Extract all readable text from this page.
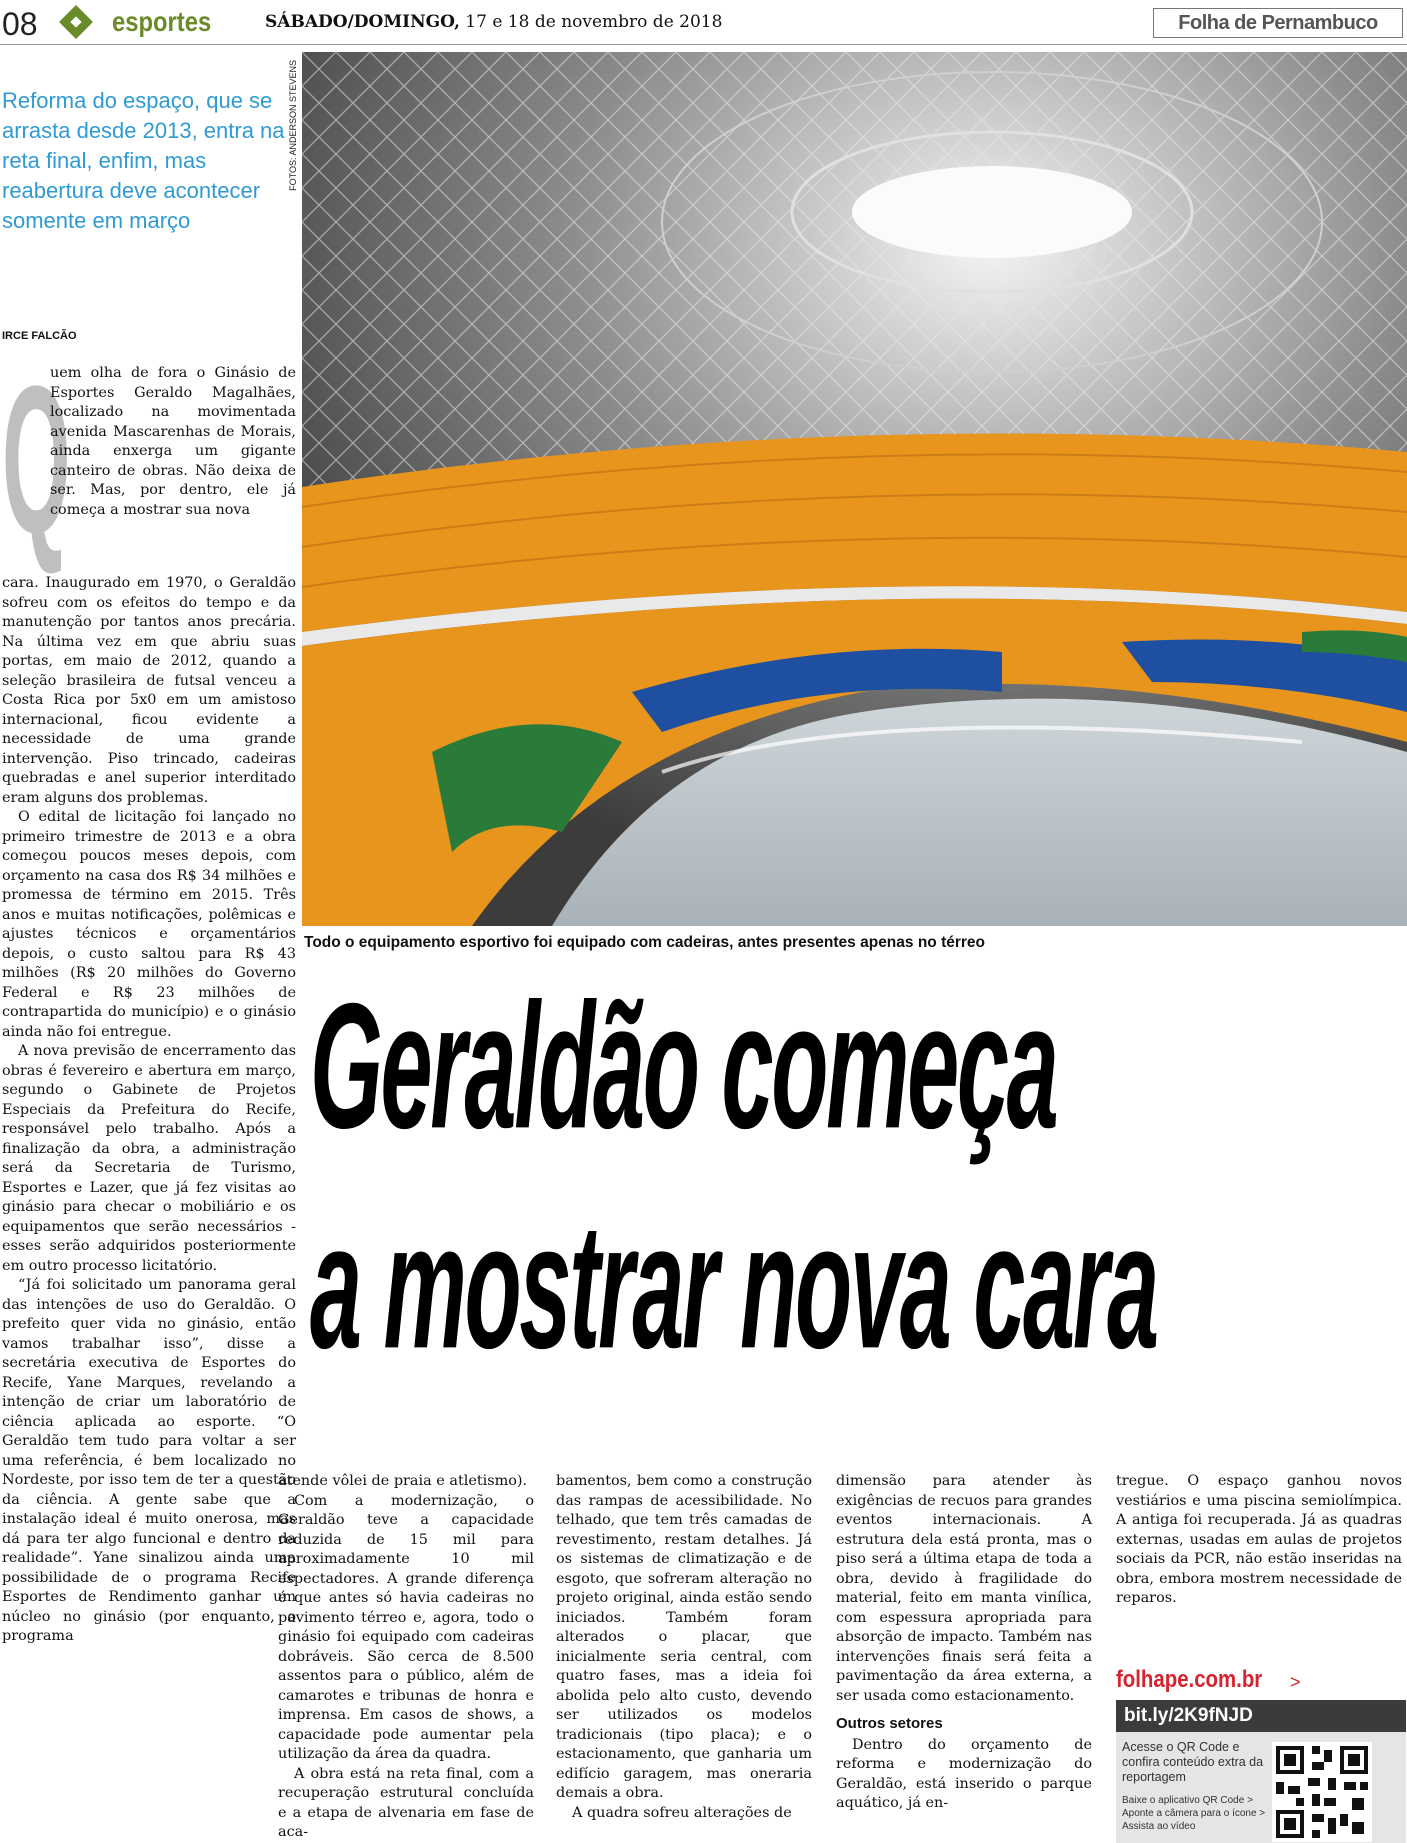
08	esportes	SÁBADO/DOMINGO, 17 e 18 de novembro de 2018	Folha de Pernambuco
Reforma do espaço, que se arrasta desde 2013, entra na reta final, enfim, mas reabertura deve acontecer somente em março
IRCE FALCÃO
Q

uem olha de fora o Ginásio de Esportes Geraldo Magalhães, localizado na movimentada avenida Mascarenhas de Morais, ainda enxerga um gigante canteiro de obras. Não deixa de ser. Mas, por dentro, ele já começa a mostrar sua nova

cara. Inaugurado em 1970, o Geraldão sofreu com os efeitos do tempo e da manutenção por tantos anos precária. Na última vez em que abriu suas portas, em maio de 2012, quando a seleção brasileira de futsal venceu a Costa Rica por 5x0 em um amistoso internacional, ficou evidente a necessidade de uma grande intervenção. Piso trincado, cadeiras quebradas e anel superior interditado eram alguns dos problemas.

O edital de licitação foi lançado no primeiro trimestre de 2013 e a obra começou poucos meses depois, com orçamento na casa dos R$ 34 milhões e promessa de término em 2015. Três anos e muitas notificações, polêmicas e ajustes técnicos e orçamentários depois, o custo saltou para R$ 43 milhões (R$ 20 milhões do Governo Federal e R$ 23 milhões de contrapartida do município) e o ginásio ainda não foi entregue.

A nova previsão de encerramento das obras é fevereiro e abertura em março, segundo o Gabinete de Projetos Especiais da Prefeitura do Recife, responsável pelo trabalho. Após a finalização da obra, a administração será da Secretaria de Turismo, Esportes e Lazer, que já fez visitas ao ginásio para checar o mobiliário e os equipamentos que serão necessários - esses serão adquiridos posteriormente em outro processo licitatório.

“Já foi solicitado um panorama geral das intenções de uso do Geraldão. O prefeito quer vida no ginásio, então vamos trabalhar isso”, disse a secretária executiva de Esportes do Recife, Yane Marques, revelando a intenção de criar um laboratório de ciência aplicada ao esporte. “O Geraldão tem tudo para voltar a ser uma referência, é bem localizado no Nordeste, por isso tem de ter a questão da ciência. A gente sabe que a instalação ideal é muito onerosa, mas dá para ter algo funcional e dentro da realidade”. Yane sinalizou ainda uma possibilidade de o programa Recife Esportes de Rendimento ganhar um núcleo no ginásio (por enquanto, o programa

FOTOS: ANDERSON STEVENS
Todo o equipamento esportivo foi equipado com cadeiras, antes presentes apenas no térreo
Geraldão começa
a mostrar nova cara

atende vôlei de praia e atletismo).

Com a modernização, o Geraldão teve a capacidade reduzida de 15 mil para aproximadamente 10 mil espectadores. A grande diferença é que antes só havia cadeiras no pavimento térreo e, agora, todo o ginásio foi equipado com cadeiras dobráveis. São cerca de 8.500 assentos para o público, além de camarotes e tribunas de honra e imprensa. Em casos de shows, a capacidade pode aumentar pela utilização da área da quadra.

A obra está na reta final, com a recuperação estrutural concluída e a etapa de alvenaria em fase de aca-

bamentos, bem como a construção das rampas de acessibilidade. No telhado, que tem três camadas de revestimento, restam detalhes. Já os sistemas de climatização e de esgoto, que sofreram alteração no projeto original, ainda estão sendo iniciados. Também foram alterados o placar, que inicialmente seria central, com quatro fases, mas a ideia foi abolida pelo alto custo, devendo ser utilizados os modelos tradicionais (tipo placa); e o estacionamento, que ganharia um edifício garagem, mas oneraria demais a obra.

A quadra sofreu alterações de

dimensão para atender às exigências de recuos para grandes eventos internacionais. A estrutura dela está pronta, mas o piso será a última etapa de toda a obra, devido à fragilidade do material, feito em manta vinílica, com espessura apropriada para absorção de impacto. Também nas intervenções finais será feita a pavimentação da área externa, a ser usada como estacionamento.

Outros setores

Dentro do orçamento de reforma e modernização do Geraldão, está inserido o parque aquático, já en-

tregue. O espaço ganhou novos vestiários e uma piscina semiolímpica. A antiga foi recuperada. Já as quadras externas, usadas em aulas de projetos sociais da PCR, não estão inseridas na obra, embora mostrem necessidade de reparos.

folhape.com.br >
bit.ly/2K9fNJD
Acesse o QR Code e confira conteúdo extra da reportagem
Baixe o aplicativo QR Code > Aponte a câmera para o ícone > Assista ao vídeo
